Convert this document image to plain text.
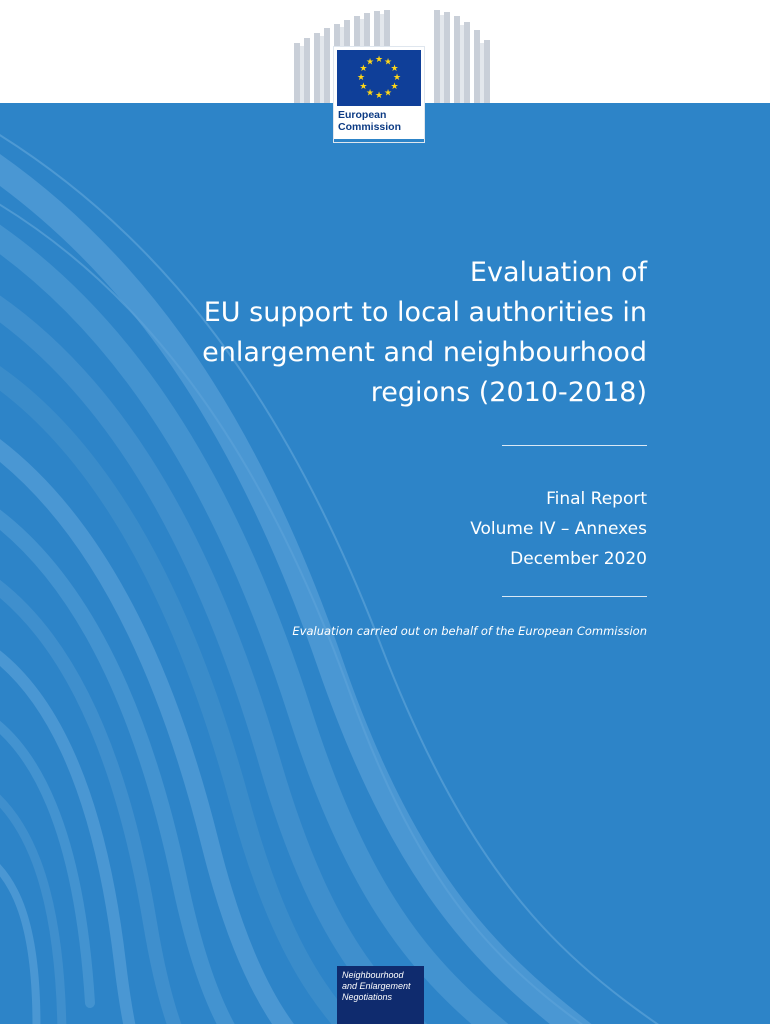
★ ★
★
★
★
★
★
★
★
★
★
★
European
Commission
Evaluation of
EU support to local authorities in
enlargement and neighbourhood
regions (2010-2018)
Final Report
Volume IV – Annexes
December 2020
Evaluation carried out on behalf of the European Commission
Neighbourhood
and Enlargement
Negotiations
